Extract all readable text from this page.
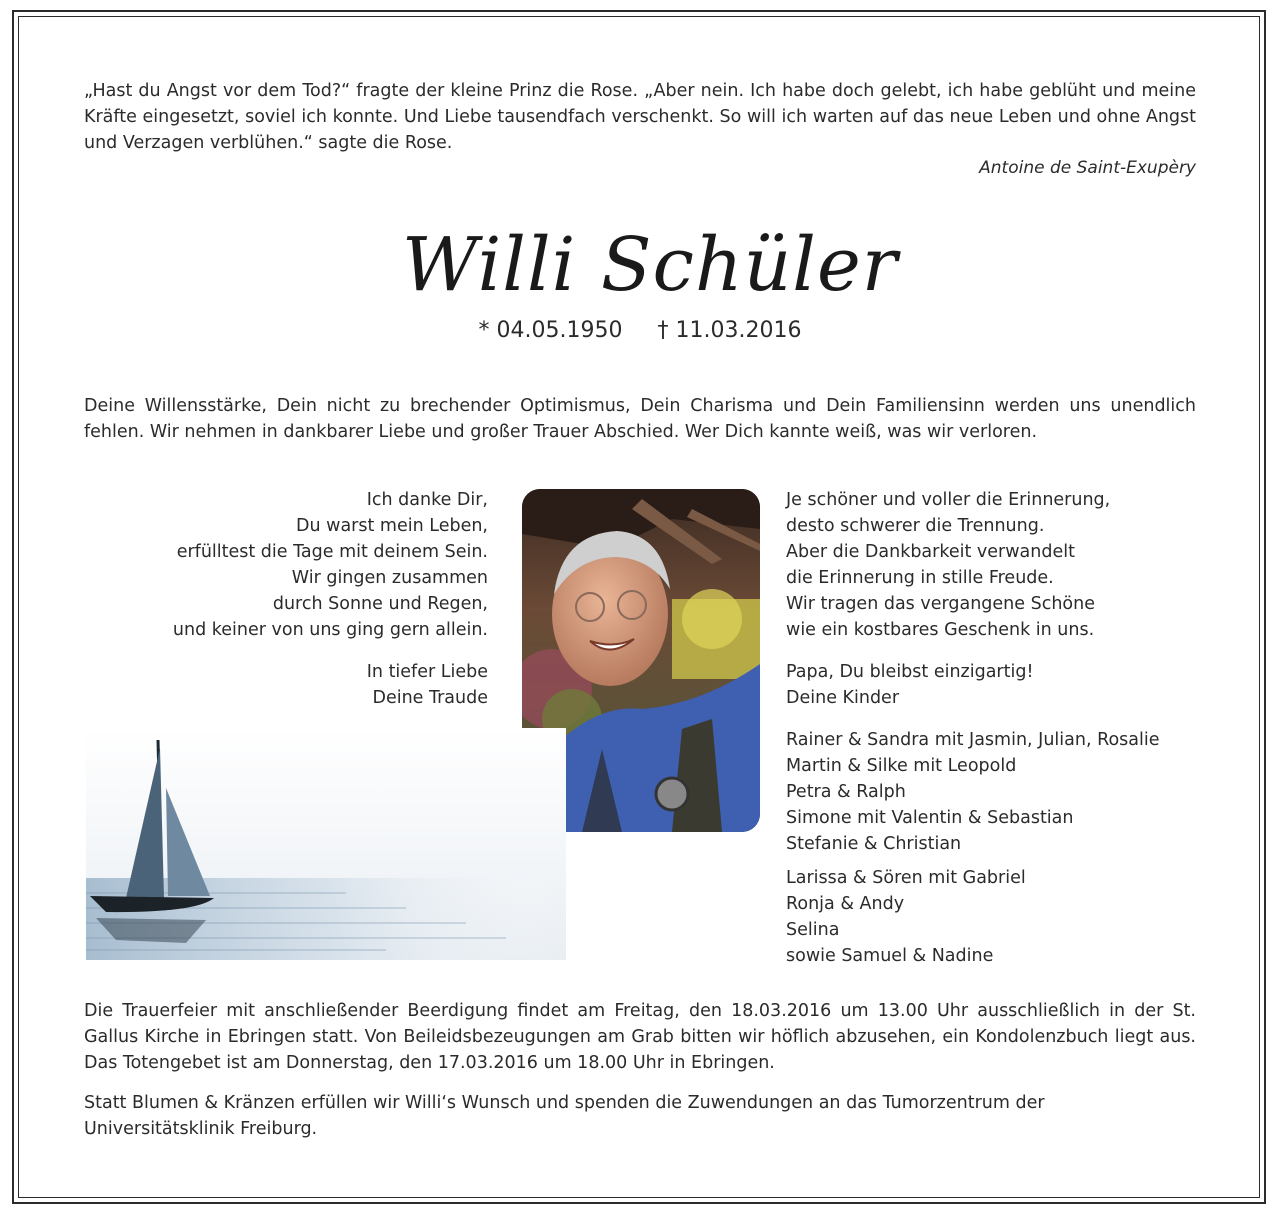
„Hast du Angst vor dem Tod?“ fragte der kleine Prinz die Rose. „Aber nein. Ich habe doch gelebt, ich habe geblüht und meine Kräfte eingesetzt, soviel ich konnte. Und Liebe tausendfach verschenkt. So will ich warten auf das neue Leben und ohne Angst und Verzagen verblühen.“ sagte die Rose.
Antoine de Saint-Exupèry
Willi Schüler
* 04.05.1950 † 11.03.2016
Deine Willensstärke, Dein nicht zu brechender Optimismus, Dein Charisma und Dein Familiensinn werden uns unendlich fehlen. Wir nehmen in dankbarer Liebe und großer Trauer Abschied. Wer Dich kannte weiß, was wir verloren.
Ich danke Dir,
Du warst mein Leben,
erfülltest die Tage mit deinem Sein.
Wir gingen zusammen
durch Sonne und Regen,
und keiner von uns ging gern allein.
In tiefer Liebe
Deine Traude
Je schöner und voller die Erinnerung,
desto schwerer die Trennung.
Aber die Dankbarkeit verwandelt
die Erinnerung in stille Freude.
Wir tragen das vergangene Schöne
wie ein kostbares Geschenk in uns.
Papa, Du bleibst einzigartig!
Deine Kinder
Rainer & Sandra mit Jasmin, Julian, Rosalie
Martin & Silke mit Leopold
Petra & Ralph
Simone mit Valentin & Sebastian
Stefanie & Christian
Larissa & Sören mit Gabriel
Ronja & Andy
Selina
sowie Samuel & Nadine
Die Trauerfeier mit anschließender Beerdigung findet am Freitag, den 18.03.2016 um 13.00 Uhr ausschließlich in der St. Gallus Kirche in Ebringen statt. Von Beileidsbezeugungen am Grab bitten wir höflich abzusehen, ein Kondolenzbuch liegt aus. Das Totengebet ist am Donnerstag, den 17.03.2016 um 18.00 Uhr in Ebringen.
Statt Blumen & Kränzen erfüllen wir Willi‘s Wunsch und spenden die Zuwendungen an das Tumorzentrum der Universitätsklinik Freiburg.
